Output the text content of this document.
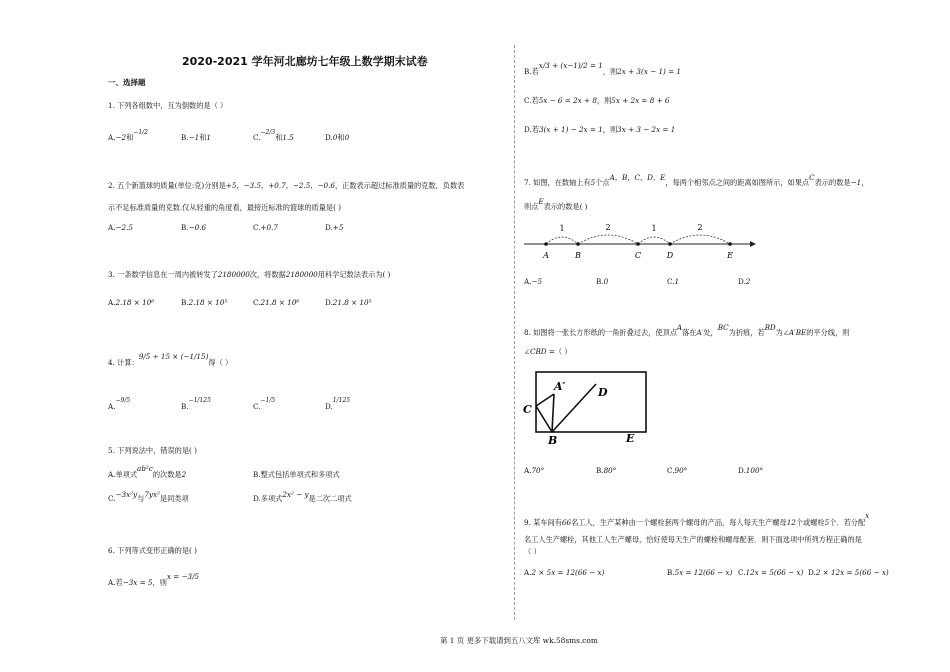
2020-2021 学年河北廊坊七年级上数学期末试卷
一、选择题
1. 下列各组数中，互为倒数的是（ ）
A.−2和$^{-1/2}$
B.−1和1	C.$^{-2/3}$和1.5	D.0和0
2. 五个新篮球的质量(单位:克)分别是+5，−3.5，+0.7，−2.5，−0.6，正数表示超过标准质量的克数，负数表
示不足标准质量的克数.仅从轻重的角度看，最接近标准的篮球的质量是( )
A.−2.5	B.−0.6	C.+0.7	D.+5
3. 一条数学信息在一周内被转发了2180000次，将数据2180000用科学记数法表示为( )
A.2.18 × 10⁶	B.2.18 × 10⁵	C.21.8 × 10⁶	D.21.8 × 10⁵
4. 计算：9/5 ÷ 15 × (−1/15)得（ ）
A.$^{-9/5}$
B.$^{-1/125}$
C.$^{-1/5}$
D.$^{1/125}$
5. 下列说法中，错误的是( )
A.单项式ab²c的次数是2	B.整式包括单项式和多项式
C.−3x²y与7yx²是同类项	D.多项式2x² − y是二次二项式
6. 下列等式变形正确的是( )
A.若−3x = 5，则x = −3/5
B.若x/3 + (x−1)/2 = 1，则2x + 3(x − 1) = 1
C.若5x − 6 = 2x + 8，则5x + 2x = 8 + 6
D.若3(x + 1) − 2x = 1，则3x + 3 − 2x = 1
7. 如图，在数轴上有5个点A，B，C，D，E，每两个相邻点之间的距离如图所示，如果点C表示的数是−1，
则点E表示的数是( )
1	2	1	2
A	B	C	D	E
A.−5	B.0	C.1	D.2
8. 如图将一张长方形纸的一角折叠过去，使顶点A落在A′处，BC为折痕，若BD为∠A′BE的平分线，则
∠CBD =（ ）
A′	D
C
B	E
A.70°	B.80°	C.90°	D.100°
9. 某车间有66名工人，生产某种由一个螺栓套两个螺母的产品，每人每天生产螺母12个或螺栓5个．若分配x
名工人生产螺栓，其他工人生产螺母，恰好使每天生产的螺栓和螺母配套．则下面选项中所列方程正确的是
（ ）
A.2 × 5x = 12(66 − x)	B.5x = 12(66 − x) C.12x = 5(66 − x) D.2 × 12x = 5(66 − x)
第 1 页 更多下载请到五八文库 wk.58sms.com
